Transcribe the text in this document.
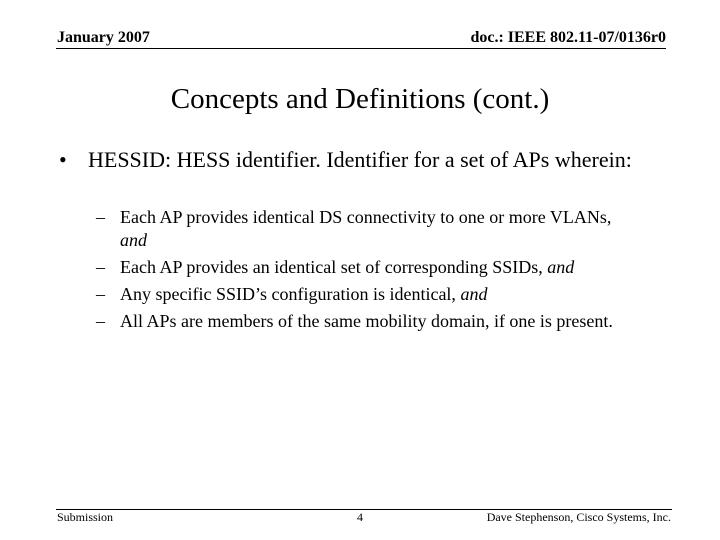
January 2007	doc.: IEEE 802.11-07/0136r0
Concepts and Definitions (cont.)
• HESSID: HESS identifier. Identifier for a set of APs wherein:
– Each AP provides identical DS connectivity to one or more VLANs, and
– Each AP provides an identical set of corresponding SSIDs, and
– Any specific SSID’s configuration is identical, and
– All APs are members of the same mobility domain, if one is present.
Submission	4	Dave Stephenson, Cisco Systems, Inc.
